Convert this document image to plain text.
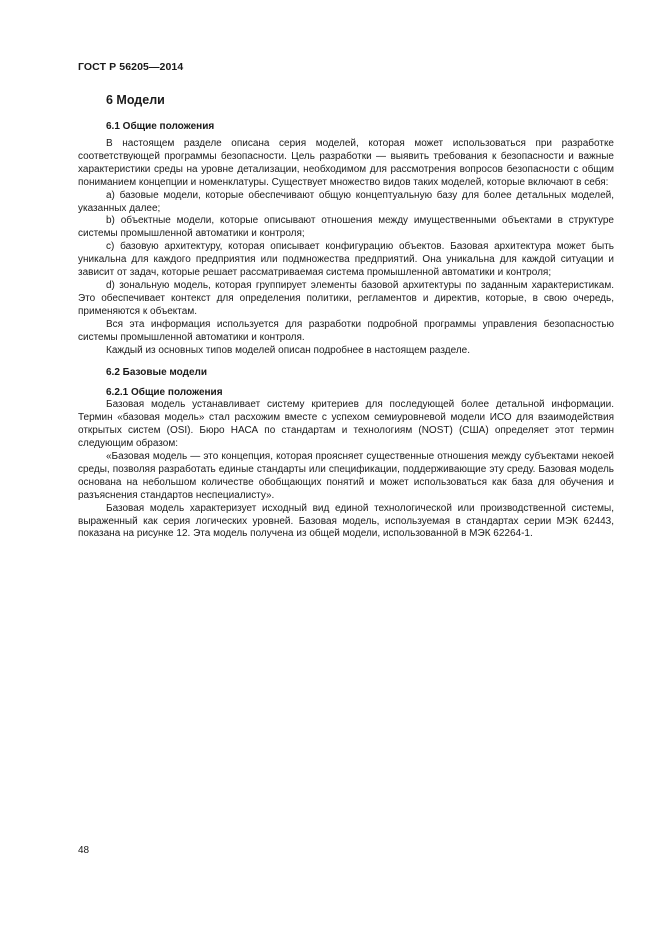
ГОСТ Р 56205—2014
6 Модели
6.1 Общие положения

В настоящем разделе описана серия моделей, которая может использоваться при разработке соответствующей программы безопасности. Цель разработки — выявить требования к безопасности и важные характеристики среды на уровне детализации, необходимом для рассмотрения вопросов безопасности с общим пониманием концепции и номенклатуры. Существует множество видов таких моделей, которые включают в себя:

a) базовые модели, которые обеспечивают общую концептуальную базу для более детальных моделей, указанных далее;

b) объектные модели, которые описывают отношения между имущественными объектами в структуре системы промышленной автоматики и контроля;

c) базовую архитектуру, которая описывает конфигурацию объектов. Базовая архитектура может быть уникальна для каждого предприятия или подмножества предприятий. Она уникальна для каждой ситуации и зависит от задач, которые решает рассматриваемая система промышленной автоматики и контроля;

d) зональную модель, которая группирует элементы базовой архитектуры по заданным характеристикам. Это обеспечивает контекст для определения политики, регламентов и директив, которые, в свою очередь, применяются к объектам.

Вся эта информация используется для разработки подробной программы управления безопасностью системы промышленной автоматики и контроля.

Каждый из основных типов моделей описан подробнее в настоящем разделе.

6.2 Базовые модели
6.2.1 Общие положения

Базовая модель устанавливает систему критериев для последующей более детальной информации. Термин «базовая модель» стал расхожим вместе с успехом семиуровневой модели ИСО для взаимодействия открытых систем (OSI). Бюро НАСА по стандартам и технологиям (NOST) (США) определяет этот термин следующим образом:

«Базовая модель — это концепция, которая проясняет существенные отношения между субъектами некоей среды, позволяя разработать единые стандарты или спецификации, поддерживающие эту среду. Базовая модель основана на небольшом количестве обобщающих понятий и может использоваться как база для обучения и разъяснения стандартов неспециалисту».

Базовая модель характеризует исходный вид единой технологической или производственной системы, выраженный как серия логических уровней. Базовая модель, используемая в стандартах серии МЭК 62443, показана на рисунке 12. Эта модель получена из общей модели, использованной в МЭК 62264-1.

48
